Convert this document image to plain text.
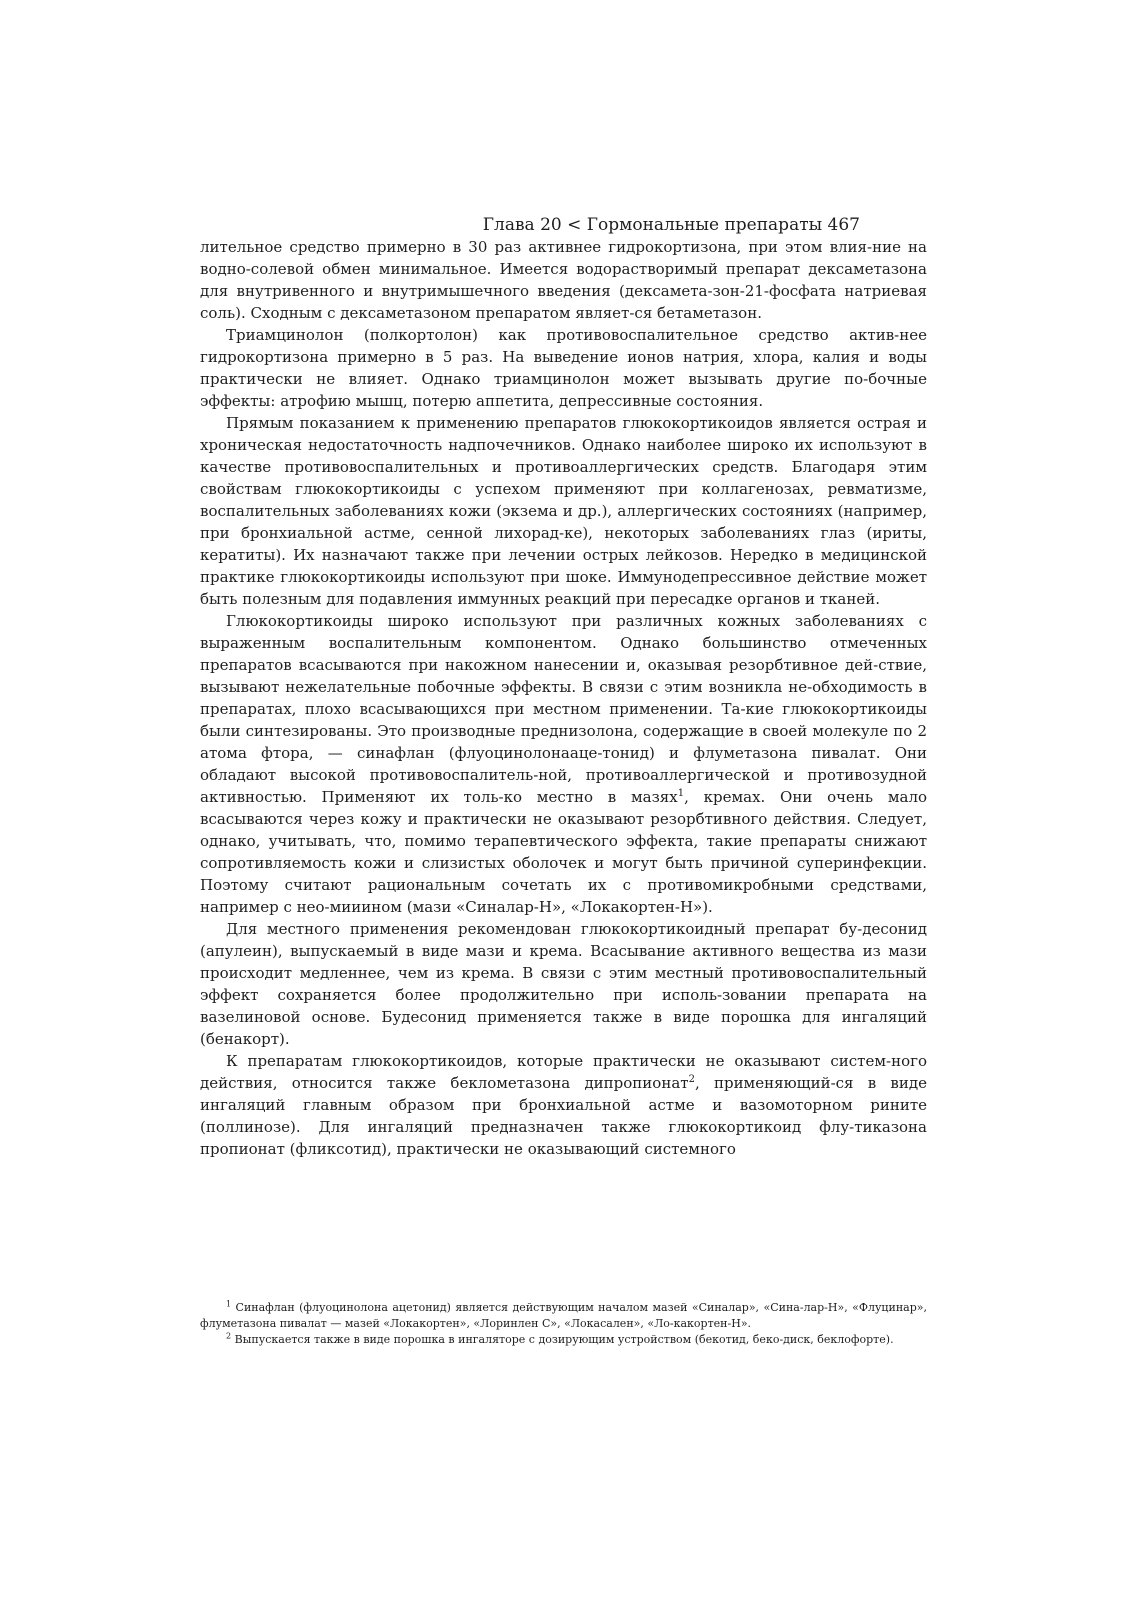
Глава 20 < Гормональные препараты 467

лительное средство примерно в 30 раз активнее гидрокортизона, при этом влия-ние на водно-солевой обмен минимальное. Имеется водорастворимый препарат дексаметазона для внутривенного и внутримышечного введения (дексамета-зон-21-фосфата натриевая соль). Сходным с дексаметазоном препаратом являет-ся бетаметазон.

Триамцинолон (полкортолон) как противовоспалительное средство актив-нее гидрокортизона примерно в 5 раз. На выведение ионов натрия, хлора, калия и воды практически не влияет. Однако триамцинолон может вызывать другие по-бочные эффекты: атрофию мышц, потерю аппетита, депрессивные состояния.

Прямым показанием к применению препаратов глюкокортикоидов является острая и хроническая недостаточность надпочечников. Однако наиболее широко их используют в качестве противовоспалительных и противоаллергических средств. Благодаря этим свойствам глюкокортикоиды с успехом применяют при коллагенозах, ревматизме, воспалительных заболеваниях кожи (экзема и др.), аллергических состояниях (например, при бронхиальной астме, сенной лихорад-ке), некоторых заболеваниях глаз (ириты, кератиты). Их назначают также при лечении острых лейкозов. Нередко в медицинской практике глюкокортикоиды используют при шоке. Иммунодепрессивное действие может быть полезным для подавления иммунных реакций при пересадке органов и тканей.

Глюкокортикоиды широко используют при различных кожных заболеваниях с выраженным воспалительным компонентом. Однако большинство отмеченных препаратов всасываются при накожном нанесении и, оказывая резорбтивное дей-ствие, вызывают нежелательные побочные эффекты. В связи с этим возникла не-обходимость в препаратах, плохо всасывающихся при местном применении. Та-кие глюкокортикоиды были синтезированы. Это производные преднизолона, содержащие в своей молекуле по 2 атома фтора, — синафлан (флуоцинолонааце-тонид) и флуметазона пивалат. Они обладают высокой противовоспалитель-ной, противоаллергической и противозудной активностью. Применяют их толь-ко местно в мазях$^1$, кремах. Они очень мало всасываются через кожу и практически не оказывают резорбтивного действия. Следует, однако, учитывать, что, помимо терапевтического эффекта, такие препараты снижают сопротивляемость кожи и слизистых оболочек и могут быть причиной суперинфекции. Поэтому считают рациональным сочетать их с противомикробными средствами, например с нео-мииином (мази «Синалар-Н», «Локакортен-Н»).

Для местного применения рекомендован глюкокортикоидный препарат бу-десонид (апулеин), выпускаемый в виде мази и крема. Всасывание активного вещества из мази происходит медленнее, чем из крема. В связи с этим местный противовоспалительный эффект сохраняется более продолжительно при исполь-зовании препарата на вазелиновой основе. Будесонид применяется также в виде порошка для ингаляций (бенакорт).

К препаратам глюкокортикоидов, которые практически не оказывают систем-ного действия, относится также беклометазона дипропионат$^2$, применяющий-ся в виде ингаляций главным образом при бронхиальной астме и вазомоторном рините (поллинозе). Для ингаляций предназначен также глюкокортикоид флу-тиказона пропионат (фликсотид), практически не оказывающий системного

$^1$ Синафлан (флуоцинолона ацетонид) является действующим началом мазей «Синалар», «Сина-лар-Н», «Флуцинар», флуметазона пивалат — мазей «Локакортен», «Лоринлен С», «Локасален», «Ло-какортен-Н».

$^2$ Выпускается также в виде порошка в ингаляторе с дозирующим устройством (бекотид, беко-диск, беклофорте).
